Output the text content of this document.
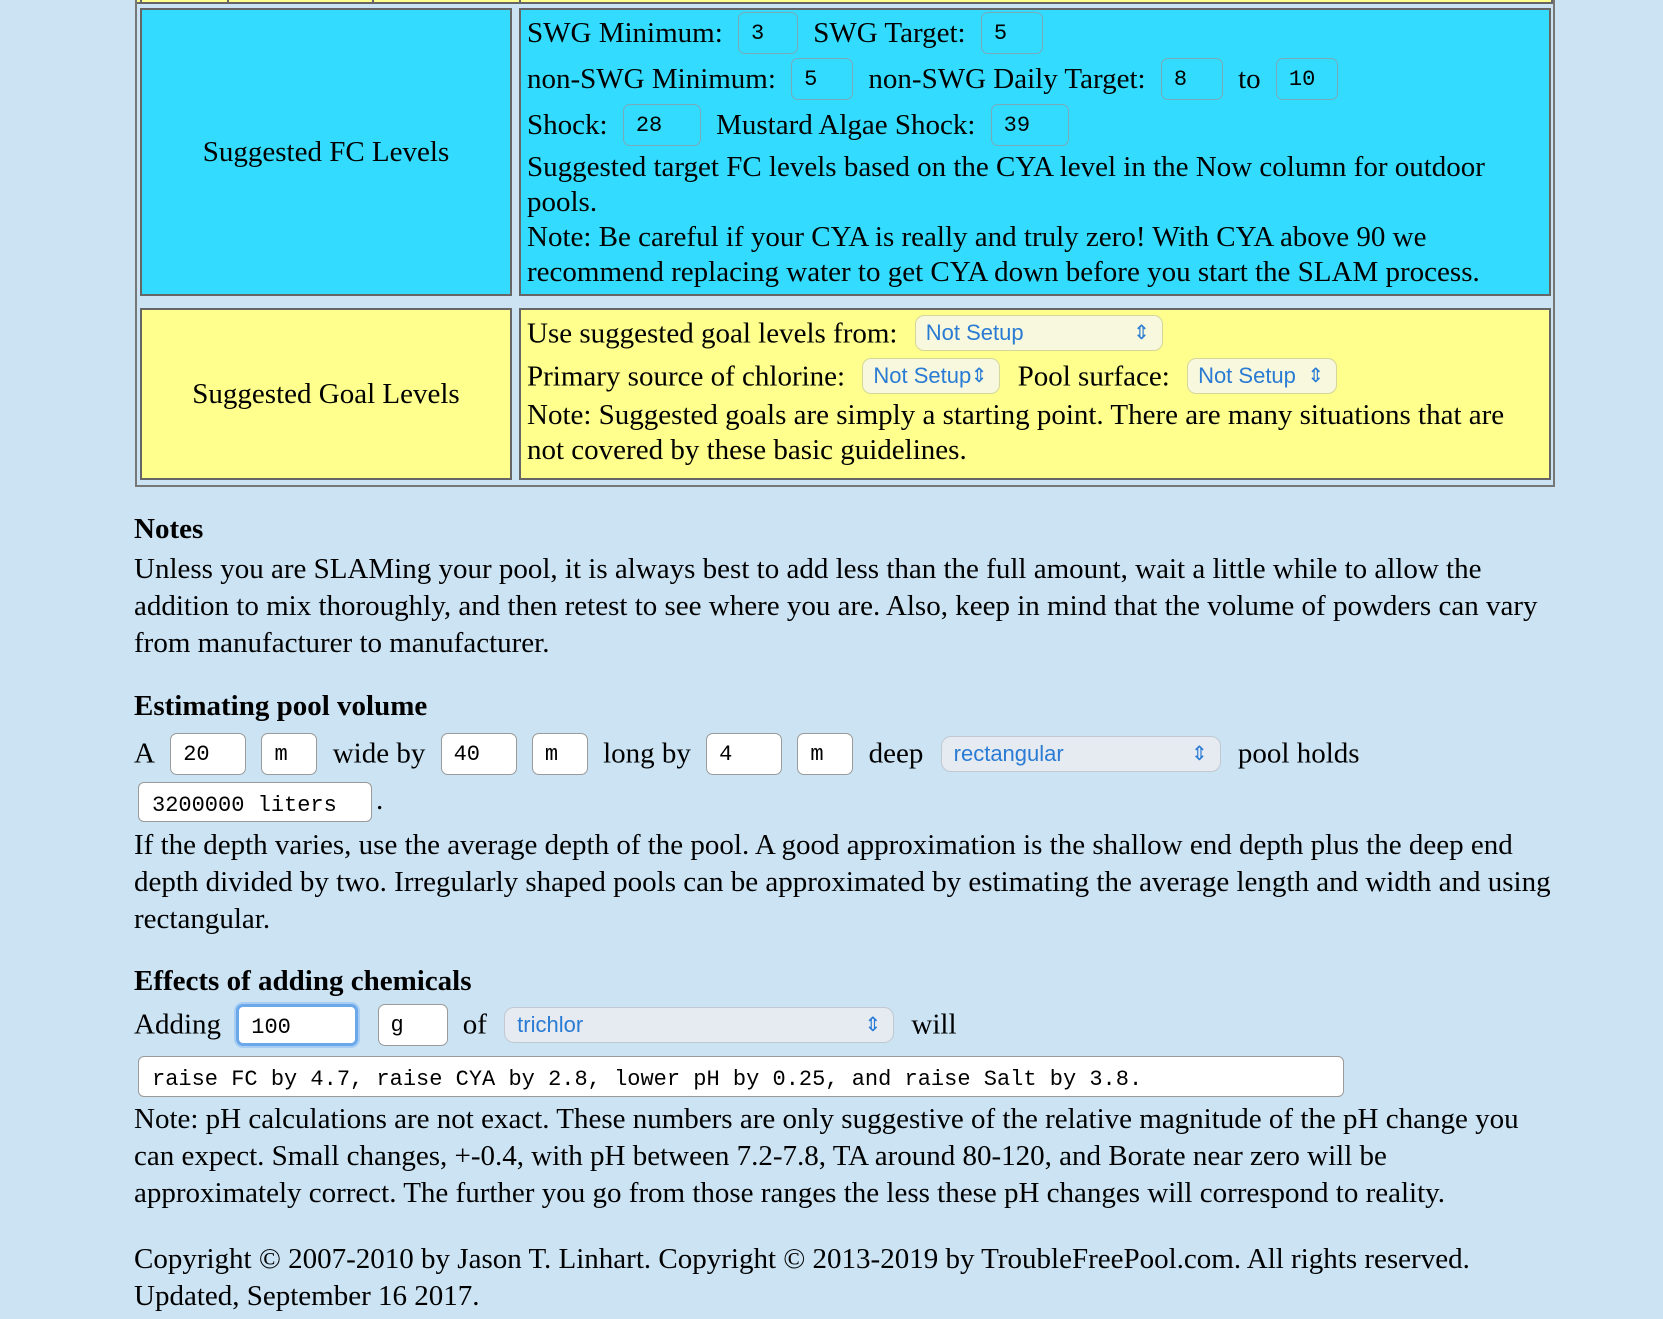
Suggested FC Levels
SWG Minimum: 3 SWG Target: 5
non-SWG Minimum: 5 non-SWG Daily Target: 8 to 10
Shock: 28 Mustard Algae Shock: 39
Suggested target FC levels based on the CYA level in the Now column for outdoor pools.
Note: Be careful if your CYA is really and truly zero! With CYA above 90 we recommend replacing water to get CYA down before you start the SLAM process.
Suggested Goal Levels
Use suggested goal levels from: Not Setup	⇕
Primary source of chlorine: Not Setup ⇕ Pool surface: Not Setup ⇕
Note: Suggested goals are simply a starting point. There are many situations that are not covered by these basic guidelines.
Notes
Unless you are SLAMing your pool, it is always best to add less than the full amount, wait a little while to allow the addition to mix thoroughly, and then retest to see where you are. Also, keep in mind that the volume of powders can vary from manufacturer to manufacturer.
Estimating pool volume
A 20	m wide by 40	m long by 4	m deep rectangular	⇕ pool holds
3200000 liters	.
If the depth varies, use the average depth of the pool. A good approximation is the shallow end depth plus the deep end depth divided by two. Irregularly shaped pools can be approximated by estimating the average length and width and using rectangular.
Effects of adding chemicals
Adding 100	g of trichlor	⇕ will
raise FC by 4.7, raise CYA by 2.8, lower pH by 0.25, and raise Salt by 3.8.
Note: pH calculations are not exact. These numbers are only suggestive of the relative magnitude of the pH change you can expect. Small changes, +-0.4, with pH between 7.2-7.8, TA around 80-120, and Borate near zero will be approximately correct. The further you go from those ranges the less these pH changes will correspond to reality.
Copyright © 2007-2010 by Jason T. Linhart. Copyright © 2013-2019 by TroubleFreePool.com. All rights reserved.
Updated, September 16 2017.
